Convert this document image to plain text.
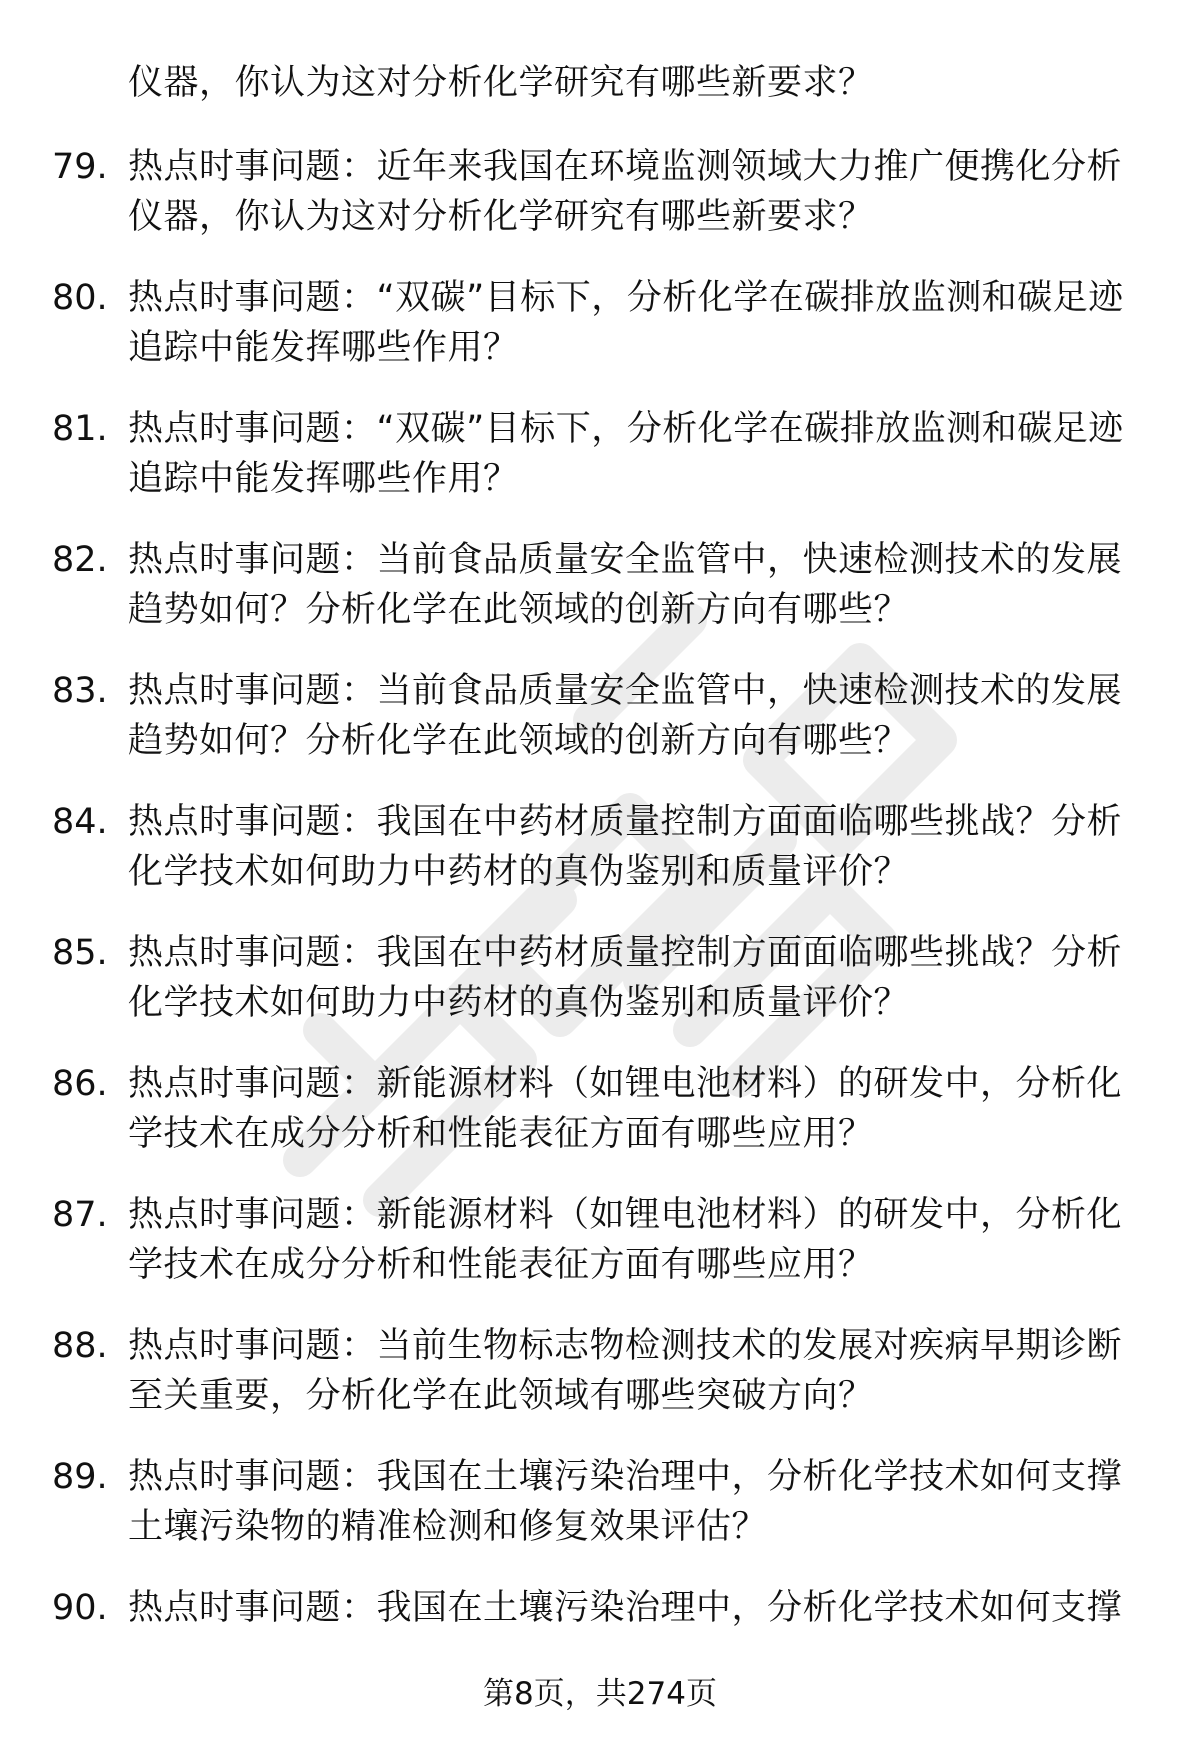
仪器，你认为这对分析化学研究有哪些新要求？
79. 热点时事问题：近年来我国在环境监测领域大力推广便携化分析仪器，你认为这对分析化学研究有哪些新要求？
80. 热点时事问题：“双碳”目标下，分析化学在碳排放监测和碳足迹追踪中能发挥哪些作用？
81. 热点时事问题：“双碳”目标下，分析化学在碳排放监测和碳足迹追踪中能发挥哪些作用？
82. 热点时事问题：当前食品质量安全监管中，快速检测技术的发展趋势如何？分析化学在此领域的创新方向有哪些？
83. 热点时事问题：当前食品质量安全监管中，快速检测技术的发展趋势如何？分析化学在此领域的创新方向有哪些？
84. 热点时事问题：我国在中药材质量控制方面面临哪些挑战？分析化学技术如何助力中药材的真伪鉴别和质量评价？
85. 热点时事问题：我国在中药材质量控制方面面临哪些挑战？分析化学技术如何助力中药材的真伪鉴别和质量评价？
86. 热点时事问题：新能源材料（如锂电池材料）的研发中，分析化学技术在成分分析和性能表征方面有哪些应用？
87. 热点时事问题：新能源材料（如锂电池材料）的研发中，分析化学技术在成分分析和性能表征方面有哪些应用？
88. 热点时事问题：当前生物标志物检测技术的发展对疾病早期诊断至关重要，分析化学在此领域有哪些突破方向？
89. 热点时事问题：我国在土壤污染治理中，分析化学技术如何支撑土壤污染物的精准检测和修复效果评估？
90. 热点时事问题：我国在土壤污染治理中，分析化学技术如何支撑
第8页，共274页
